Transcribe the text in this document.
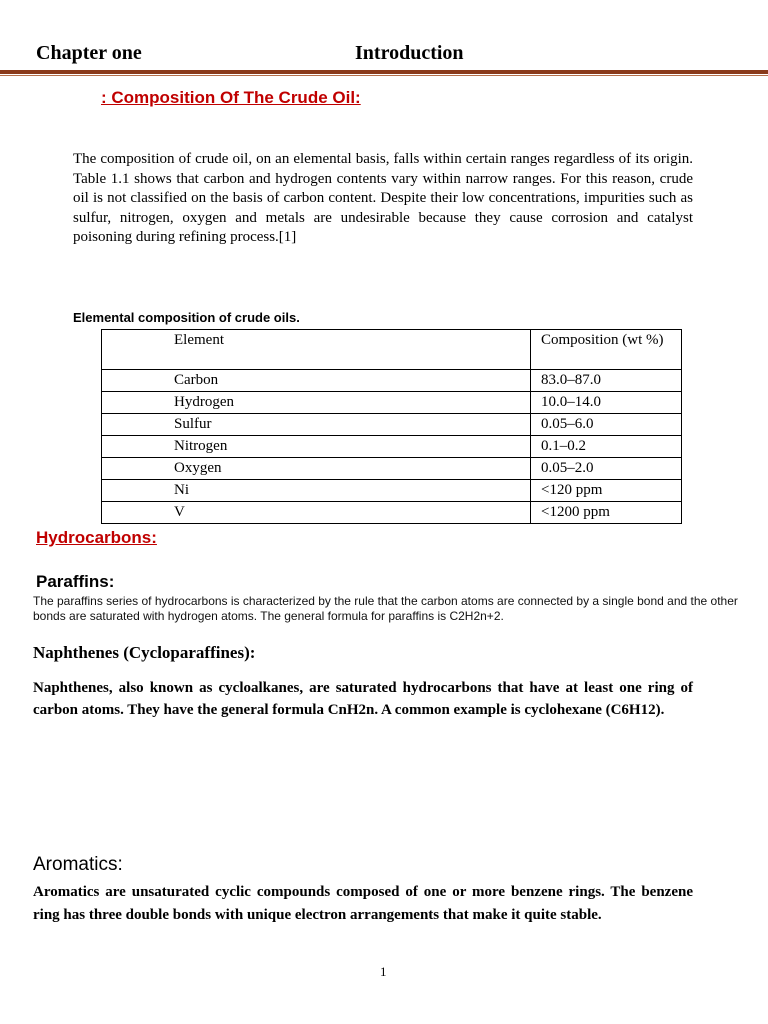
Chapter one	Introduction
: Composition Of The Crude Oil:
The composition of crude oil, on an elemental basis, falls within certain ranges regardless of its origin. Table 1.1 shows that carbon and hydrogen contents vary within narrow ranges. For this reason, crude oil is not classified on the basis of carbon content. Despite their low concentrations, impurities such as sulfur, nitrogen, oxygen and metals are undesirable because they cause corrosion and catalyst poisoning during refining process.[1]
Elemental composition of crude oils.
Element	Composition (wt %)
Carbon	83.0–87.0
Hydrogen	10.0–14.0
Sulfur	0.05–6.0
Nitrogen	0.1–0.2
Oxygen	0.05–2.0
Ni	<120 ppm
V	<1200 ppm
Hydrocarbons:
Paraffins:
The paraffins series of hydrocarbons is characterized by the rule that the carbon atoms are connected by a single bond and the other bonds are saturated with hydrogen atoms. The general formula for paraffins is C2H2n+2.
Naphthenes (Cycloparaffines):
Naphthenes, also known as cycloalkanes, are saturated hydrocarbons that have at least one ring of carbon atoms. They have the general formula CnH2n. A common example is cyclohexane (C6H12).
Aromatics:
Aromatics are unsaturated cyclic compounds composed of one or more benzene rings. The benzene ring has three double bonds with unique electron arrangements that make it quite stable.
1
